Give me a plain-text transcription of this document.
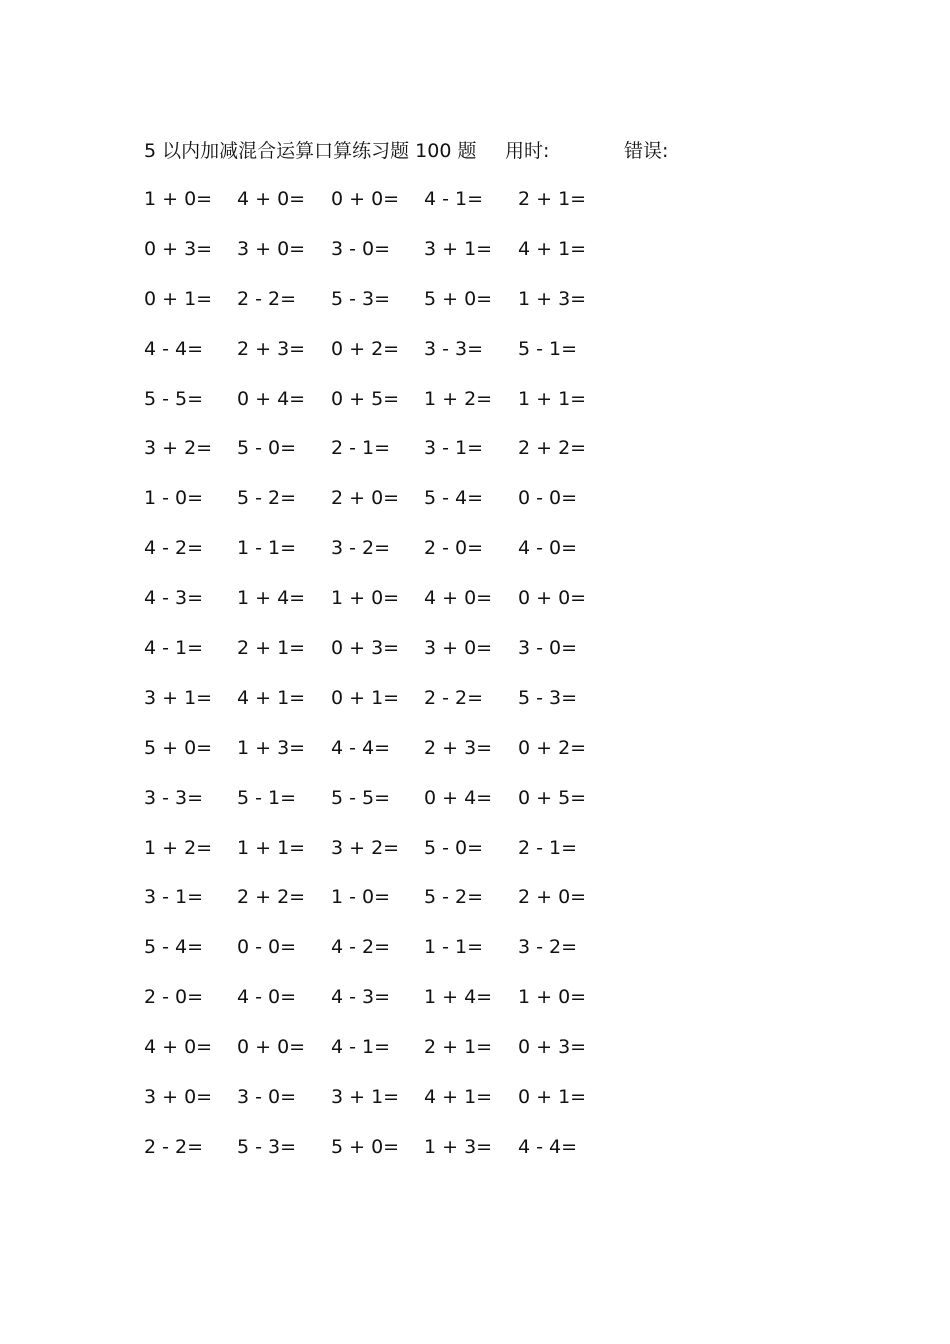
5 以内加减混合运算口算练习题 100 题 用时:	错误:
1 + 0= 4 + 0= 0 + 0= 4 - 1= 2 + 1=
0 + 3= 3 + 0= 3 - 0= 3 + 1= 4 + 1=
0 + 1= 2 - 2= 5 - 3= 5 + 0= 1 + 3=
4 - 4= 2 + 3= 0 + 2= 3 - 3= 5 - 1=
5 - 5= 0 + 4= 0 + 5= 1 + 2= 1 + 1=
3 + 2= 5 - 0= 2 - 1= 3 - 1= 2 + 2=
1 - 0= 5 - 2= 2 + 0= 5 - 4= 0 - 0=
4 - 2= 1 - 1= 3 - 2= 2 - 0= 4 - 0=
4 - 3= 1 + 4= 1 + 0= 4 + 0= 0 + 0=
4 - 1= 2 + 1= 0 + 3= 3 + 0= 3 - 0=
3 + 1= 4 + 1= 0 + 1= 2 - 2= 5 - 3=
5 + 0= 1 + 3= 4 - 4= 2 + 3= 0 + 2=
3 - 3= 5 - 1= 5 - 5= 0 + 4= 0 + 5=
1 + 2= 1 + 1= 3 + 2= 5 - 0= 2 - 1=
3 - 1= 2 + 2= 1 - 0= 5 - 2= 2 + 0=
5 - 4= 0 - 0= 4 - 2= 1 - 1= 3 - 2=
2 - 0= 4 - 0= 4 - 3= 1 + 4= 1 + 0=
4 + 0= 0 + 0= 4 - 1= 2 + 1= 0 + 3=
3 + 0= 3 - 0= 3 + 1= 4 + 1= 0 + 1=
2 - 2= 5 - 3= 5 + 0= 1 + 3= 4 - 4=
